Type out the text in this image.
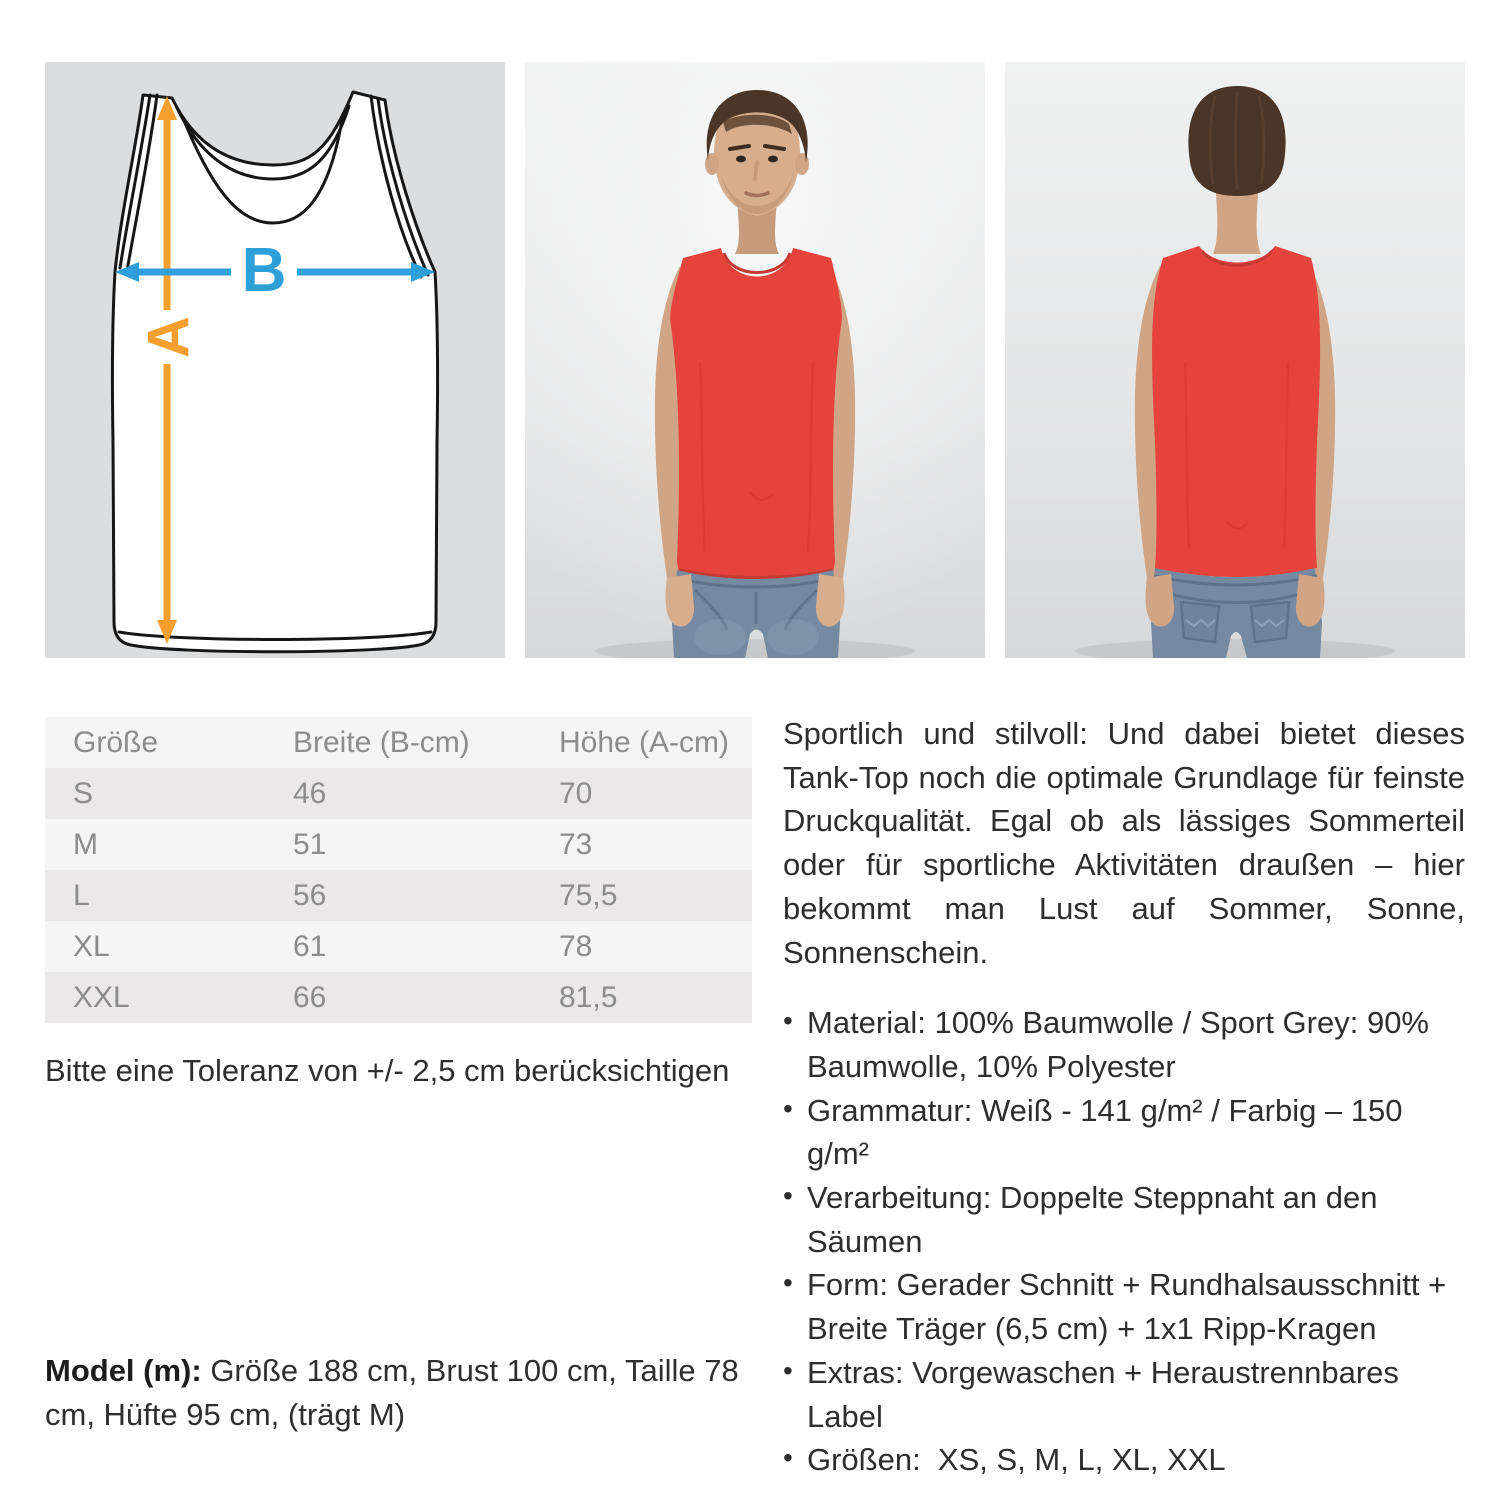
A
B
Größe	Breite (B-cm)	Höhe (A-cm)
S	46	70
M	51	73
L	56	75,5
XL	61	78
XXL	66	81,5

Bitte eine Toleranz von +/- 2,5 cm berücksichtigen

Model (m): Größe 188 cm, Brust 100 cm, Taille 78 cm, Hüfte 95 cm, (trägt M)

Sportlich und stilvoll: Und dabei bietet dieses Tank-Top noch die optimale Grundlage für feinste Druckqualität. Egal ob als lässiges Sommerteil oder für sportliche Aktivitäten draußen – hier bekommt man Lust auf Sommer, Sonne, Sonnenschein.

• Material: 100% Baumwolle / Sport Grey: 90% Baumwolle, 10% Polyester
• Grammatur: Weiß - 141 g/m² / Farbig – 150 g/m²
• Verarbeitung: Doppelte Steppnaht an den Säumen
• Form: Gerader Schnitt + Rundhalsausschnitt + Breite Träger (6,5 cm) + 1x1 Ripp-Kragen
• Extras: Vorgewaschen + Heraustrennbares Label
• Größen:  XS, S, M, L, XL, XXL
